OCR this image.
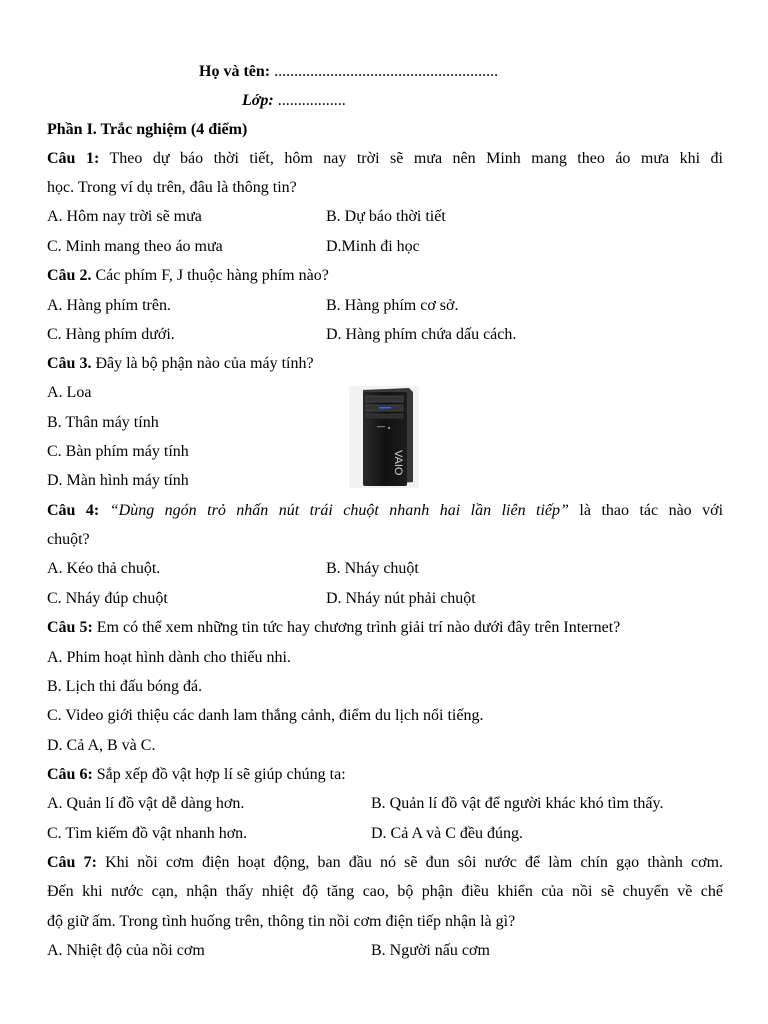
Họ và tên: ........................................................
Lớp: .................
Phần I. Trắc nghiệm (4 điểm)
Câu 1: Theo dự báo thời tiết, hôm nay trời sẽ mưa nên Minh mang theo áo mưa khi đi
học. Trong ví dụ trên, đâu là thông tin?
A. Hôm nay trời sẽ mưa	B. Dự báo thời tiết
C. Minh mang theo áo mưa	D.Minh đi học
Câu 2. Các phím F, J thuộc hàng phím nào?
A. Hàng phím trên.	B. Hàng phím cơ sở.
C. Hàng phím dưới.	D. Hàng phím chứa dấu cách.
Câu 3. Đây là bộ phận nào của máy tính?
A. Loa
B. Thân máy tính
C. Bàn phím máy tính
D. Màn hình máy tính
VAIO
Câu 4: “Dùng ngón trỏ nhấn nút trái chuột nhanh hai lần liên tiếp” là thao tác nào với
chuột?
A. Kéo thả chuột.	B. Nháy chuột
C. Nháy đúp chuột	D. Nháy nút phải chuột
Câu 5: Em có thể xem những tin tức hay chương trình giải trí nào dưới đây trên Internet?
A. Phim hoạt hình dành cho thiếu nhi.
B. Lịch thi đấu bóng đá.
C. Video giới thiệu các danh lam thắng cảnh, điểm du lịch nổi tiếng.
D. Cả A, B và C.
Câu 6: Sắp xếp đồ vật hợp lí sẽ giúp chúng ta:
A. Quản lí đồ vật dễ dàng hơn.	B. Quản lí đồ vật để người khác khó tìm thấy.
C. Tìm kiếm đồ vật nhanh hơn.	D. Cả A và C đều đúng.
Câu 7: Khi nồi cơm điện hoạt động, ban đầu nó sẽ đun sôi nước để làm chín gạo thành cơm.
Đến khi nước cạn, nhận thấy nhiệt độ tăng cao, bộ phận điều khiển của nồi sẽ chuyển về chế
độ giữ ấm. Trong tình huống trên, thông tin nồi cơm điện tiếp nhận là gì?
A. Nhiệt độ của nồi cơm	B. Người nấu cơm
